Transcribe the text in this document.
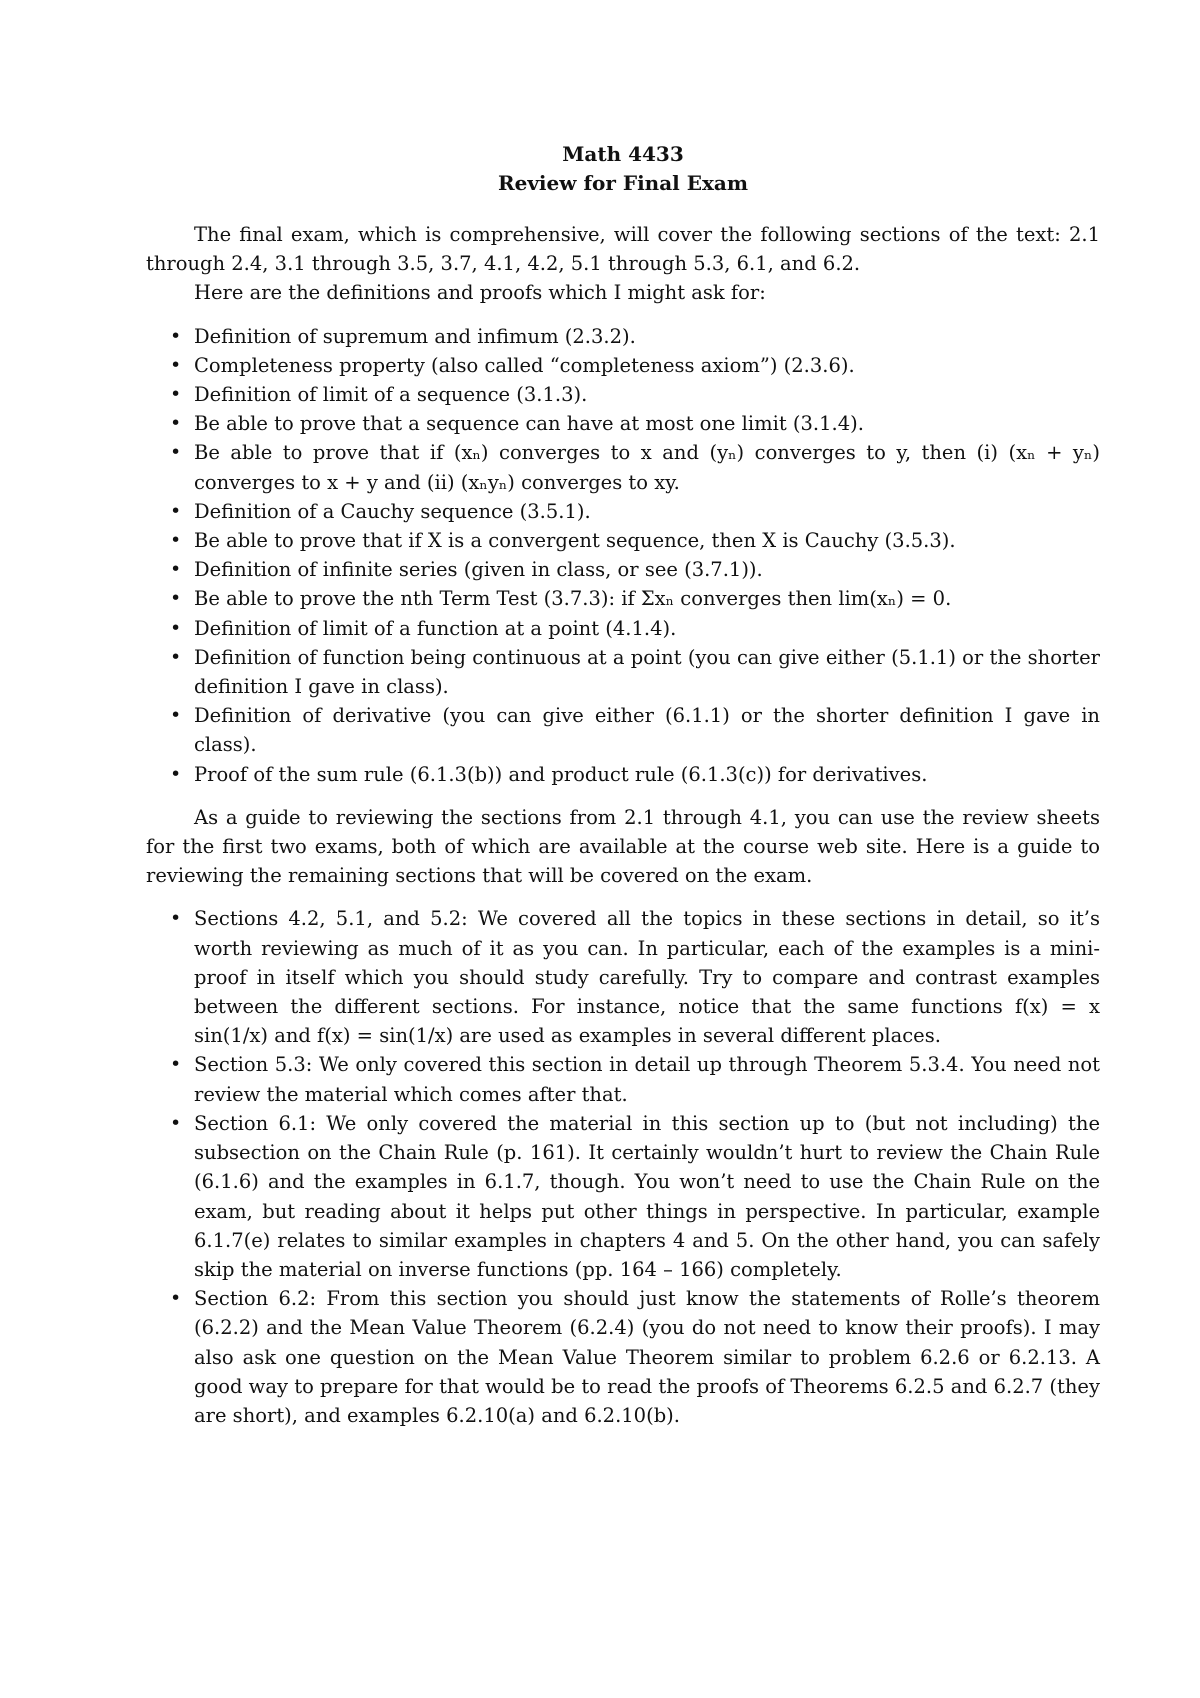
Math 4433

Review for Final Exam

The final exam, which is comprehensive, will cover the following sections of the text: 2.1 through 2.4, 3.1 through 3.5, 3.7, 4.1, 4.2, 5.1 through 5.3, 6.1, and 6.2.

Here are the definitions and proofs which I might ask for:

• Definition of supremum and infimum (2.3.2).
• Completeness property (also called “completeness axiom”) (2.3.6).
• Definition of limit of a sequence (3.1.3).
• Be able to prove that a sequence can have at most one limit (3.1.4).
• Be able to prove that if (xₙ) converges to x and (yₙ) converges to y, then (i) (xₙ + yₙ) converges to x + y and (ii) (xₙyₙ) converges to xy.
• Definition of a Cauchy sequence (3.5.1).
• Be able to prove that if X is a convergent sequence, then X is Cauchy (3.5.3).
• Definition of infinite series (given in class, or see (3.7.1)).
• Be able to prove the nth Term Test (3.7.3): if Σxₙ converges then lim(xₙ) = 0.
• Definition of limit of a function at a point (4.1.4).
• Definition of function being continuous at a point (you can give either (5.1.1) or the shorter definition I gave in class).
• Definition of derivative (you can give either (6.1.1) or the shorter definition I gave in class).
• Proof of the sum rule (6.1.3(b)) and product rule (6.1.3(c)) for derivatives.

As a guide to reviewing the sections from 2.1 through 4.1, you can use the review sheets for the first two exams, both of which are available at the course web site. Here is a guide to reviewing the remaining sections that will be covered on the exam.

• Sections 4.2, 5.1, and 5.2: We covered all the topics in these sections in detail, so it’s worth reviewing as much of it as you can. In particular, each of the examples is a mini-proof in itself which you should study carefully. Try to compare and contrast examples between the different sections. For instance, notice that the same functions f(x) = x sin(1/x) and f(x) = sin(1/x) are used as examples in several different places.
• Section 5.3: We only covered this section in detail up through Theorem 5.3.4. You need not review the material which comes after that.
• Section 6.1: We only covered the material in this section up to (but not including) the subsection on the Chain Rule (p. 161). It certainly wouldn’t hurt to review the Chain Rule (6.1.6) and the examples in 6.1.7, though. You won’t need to use the Chain Rule on the exam, but reading about it helps put other things in perspective. In particular, example 6.1.7(e) relates to similar examples in chapters 4 and 5. On the other hand, you can safely skip the material on inverse functions (pp. 164 – 166) completely.
• Section 6.2: From this section you should just know the statements of Rolle’s theorem (6.2.2) and the Mean Value Theorem (6.2.4) (you do not need to know their proofs). I may also ask one question on the Mean Value Theorem similar to problem 6.2.6 or 6.2.13. A good way to prepare for that would be to read the proofs of Theorems 6.2.5 and 6.2.7 (they are short), and examples 6.2.10(a) and 6.2.10(b).
